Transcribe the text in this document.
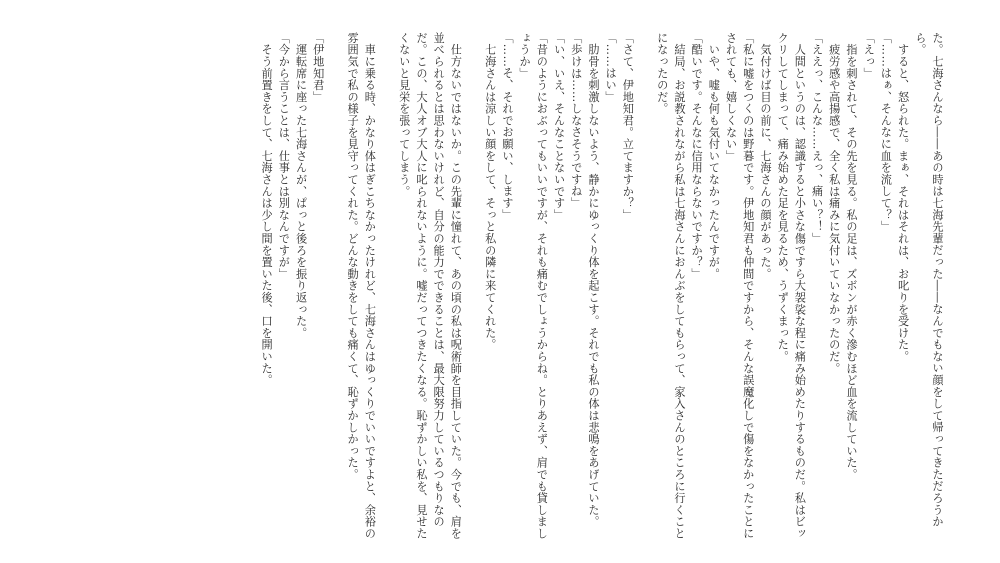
た。七海さんなら――あの時は七海先輩だった――なんでもない顔をして帰ってきただろうか
ら。
　すると、怒られた。まぁ、それはそれは、お叱りを受けた。
「……はぁ、そんなに血を流して？」
「えっ」
　指を刺されて、その先を見る。私の足は、ズボンが赤く滲むほど血を流していた。
　疲労感や高揚感で、全く私は痛みに気付いていなかったのだ。
「ええっ、こんな……えっ、痛い？！」
　人間というのは、認識すると小さな傷ですら大袈裟な程に痛み始めたりするものだ。私はビッ
クリしてしまって、痛み始めた足を見るため、うずくまった。
　気付けば目の前に、七海さんの顔があった。
「私に嘘をつくのは野暮です。伊地知君も仲間ですから、そんな誤魔化しで傷をなかったことに
されても、嬉しくない」
　いや、嘘も何も気付いてなかったんですが。
「酷いです。そんなに信用ならないですか？」
　結局、お説教されながら私は七海さんにおんぶをしてもらって、家入さんのところに行くこと
になったのだ。
「さて、伊地知君。立てますか？」
「……はい」
　肋骨を刺激しないよう、静かにゆっくり体を起こす。それでも私の体は悲鳴をあげていた。
「歩けは……しなさそうですね」
「い、いえ、そんなことないです」
「昔のようにおぶってもいいですが、それも痛むでしょうからね。とりあえず、肩でも貸しまし
ょうか」
「……そ、それでお願い、します」
　七海さんは涼しい顔をして、そっと私の隣に来てくれた。
　仕方ないではないか。この先輩に憧れて、あの頃の私は呪術師を目指していた。今でも、肩を
並べられるとは思わないけれど、自分の能力でできることは、最大限努力しているつもりなの
だ。この、大人オブ大人に叱られないように。嘘だってつきたくなる。恥ずかしい私を、見せた
くないと見栄を張ってしまう。
　車に乗る時、かなり体はぎこちなかったけれど、七海さんはゆっくりでいいですよと、余裕の
雰囲気で私の様子を見守ってくれた。どんな動きをしても痛くて、恥ずかしかった。
「伊地知君」
　運転席に座った七海さんが、ぱっと後ろを振り返った。
「今から言うことは、仕事とは別なんですが」
　そう前置きをして、七海さんは少し間を置いた後、口を開いた。
